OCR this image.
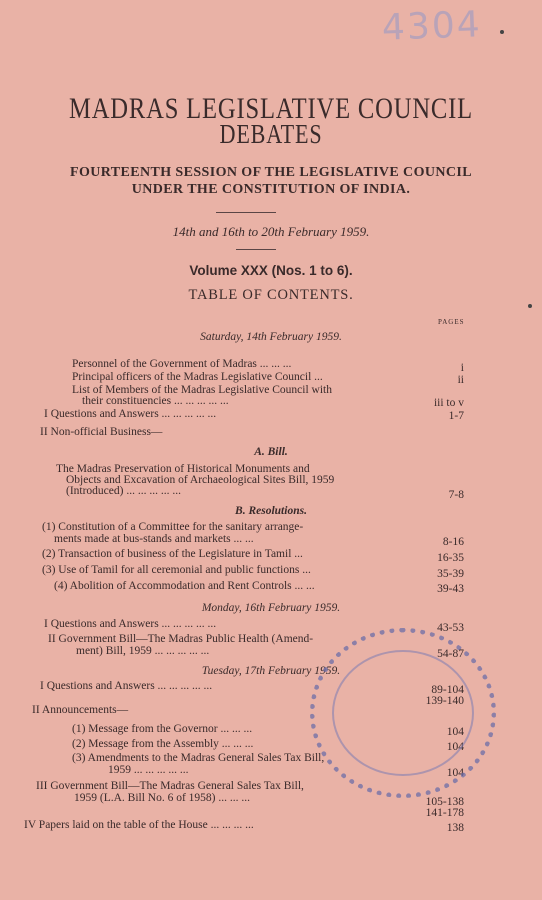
4304
MADRAS LEGISLATIVE COUNCIL
DEBATES
FOURTEENTH SESSION OF THE LEGISLATIVE COUNCIL
UNDER THE CONSTITUTION OF INDIA.
14th and 16th to 20th February 1959.
Volume XXX (Nos. 1 to 6).
TABLE OF CONTENTS.
PAGES
Saturday, 14th February 1959.
Personnel of the Government of Madras ... ... ...	i
Principal officers of the Madras Legislative Council ...	ii
List of Members of the Madras Legislative Council with
their constituencies ... ... ... ... ...	iii to v
I Questions and Answers ... ... ... ... ...	1-7
II Non-official Business—
A. Bill.
The Madras Preservation of Historical Monuments and
Objects and Excavation of Archaeological Sites Bill, 1959
(Introduced) ... ... ... ... ...	7-8
B. Resolutions.
(1) Constitution of a Committee for the sanitary arrange-
ments made at bus-stands and markets ... ...	8-16
(2) Transaction of business of the Legislature in Tamil ...	16-35
(3) Use of Tamil for all ceremonial and public functions ...	35-39
(4) Abolition of Accommodation and Rent Controls ... ...	39-43
Monday, 16th February 1959.
I Questions and Answers ... ... ... ... ...	43-53
II Government Bill—The Madras Public Health (Amend-
ment) Bill, 1959 ... ... ... ... ...	54-87
Tuesday, 17th February 1959.
I Questions and Answers ... ... ... ... ...	89-104
139-140
II Announcements—
(1) Message from the Governor ... ... ...	104
(2) Message from the Assembly ... ... ...	104
(3) Amendments to the Madras General Sales Tax Bill,
1959 ... ... ... ... ...	104
III Government Bill—The Madras General Sales Tax Bill,
1959 (L.A. Bill No. 6 of 1958) ... ... ...	105-138
141-178
IV Papers laid on the table of the House ... ... ... ...	138
